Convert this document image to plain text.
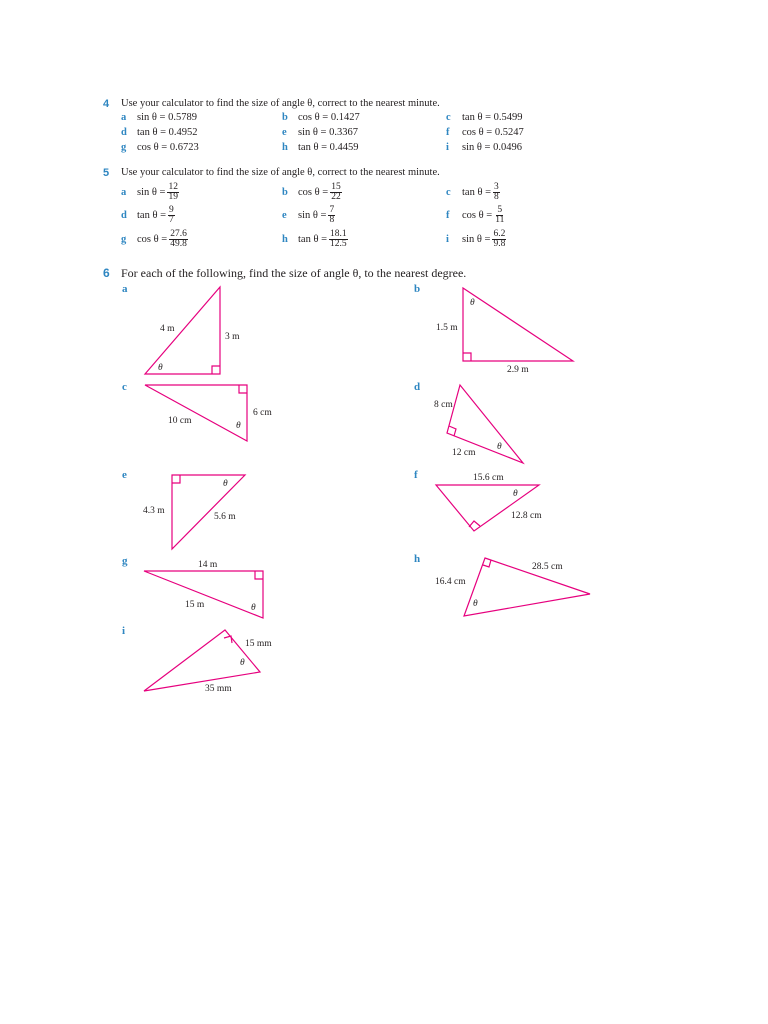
4 Use your calculator to find the size of angle θ, correct to the nearest minute.
a sin θ = 0.5789	b cos θ = 0.1427	c tan θ = 0.5499
d tan θ = 0.4952	e sin θ = 0.3367	f cos θ = 0.5247
g cos θ = 0.6723	h tan θ = 0.4459	i sin θ = 0.0496
5 Use your calculator to find the size of angle θ, correct to the nearest minute.
a	$\sin \theta = \frac{12}{19}$	b $\cos \theta = \frac{15}{22}$	c	$\tan \theta = \frac{3}{8}$
d $\tan \theta = \frac{9}{7}$	e	$\sin \theta = \frac{7}{8}$	f	$\cos \theta = \frac{5}{11}$
g	$\cos \theta = \frac{27.6}{49.8}$	h $\tan \theta = \frac{18.1}{12.5}$	i	$\sin \theta = \frac{6.2}{9.8}$
6 For each of the following, find the size of angle θ, to the nearest degree.
a	b
c	d
e	f
g	h
i
4 m
3 m
θ
1.5 m
2.9 m
θ
6 cm
10 cm	θ
8 cm
12 cm
θ
4.3 m
5.6 m
θ
15.6 cm
12.8 cm
θ
14 m
15 m	θ
28.5 cm
16.4 cm
θ
15 mm
35 mm
θ
